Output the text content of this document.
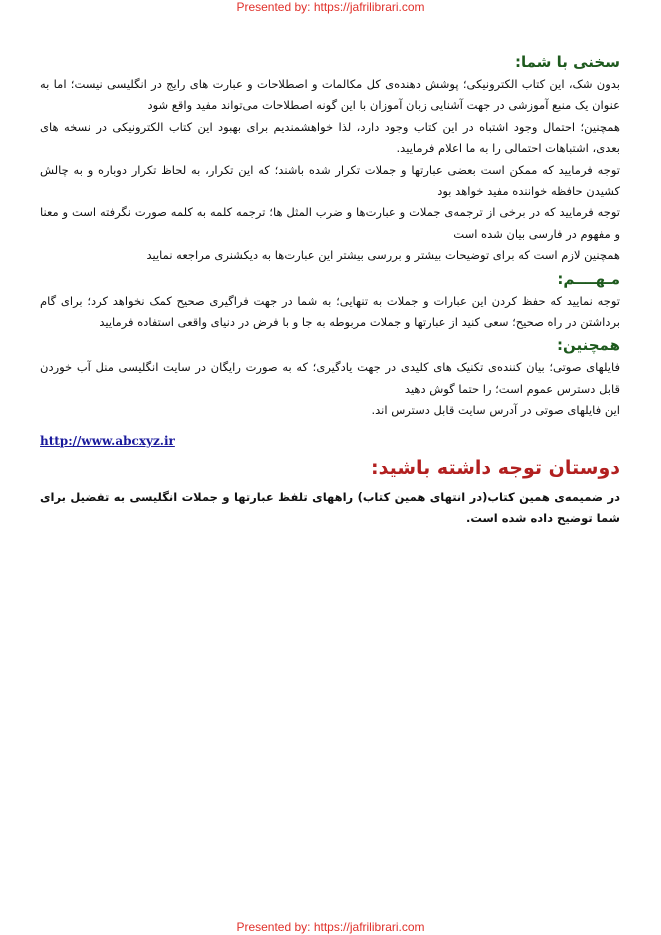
Presented by: https://jafrilibrari.com
سخنی با شما:

بدون شک، این کتاب الکترونیکی؛ پوشش دهنده‌ی کل مکالمات و اصطلاحات و عبارت های رایج در انگلیسی نیست؛ اما به عنوان یک منبع آموزشی در جهت آشنایی زبان آموزان با این گونه اصطلاحات می‌تواند مفید واقع شود

همچنین؛ احتمال وجود اشتباه در این کتاب وجود دارد، لذا خواهشمندیم برای بهبود این کتاب الکترونیکی در نسخه های بعدی، اشتباهات احتمالی را به ما اعلام فرمایید.

توجه فرمایید که ممکن است بعضی عبارتها و جملات تکرار شده باشند؛ که این تکرار، به لحاظ تکرار دوباره و به چالش کشیدن حافظه خواننده مفید خواهد بود

توجه فرمایید که در برخی از ترجمه‌ی جملات و عبارت‌ها و ضرب المثل ها؛ ترجمه کلمه به کلمه صورت نگرفته است و معنا و مفهوم در فارسی بیان شده است

همچنین لازم است که برای توضیحات بیشتر و بررسی بیشتر این عبارت‌ها به دیکشنری مراجعه نمایید

مـهــــم:

توجه نمایید که حفظ کردن این عبارات و جملات به تنهایی؛ به شما در جهت فراگیری صحیح کمک نخواهد کرد؛ برای گام برداشتن در راه صحیح؛ سعی کنید از عبارتها و جملات مربوطه به جا و با فرض در دنیای واقعی استفاده فرمایید

همچنین:

فایلهای صوتی؛ بیان کننده‌ی تکنیک های کلیدی در جهت یادگیری؛ که به صورت رایگان در سایت انگلیسی منل آب خوردن قابل دسترس عموم است؛ را حتما گوش دهید

این فایلهای صوتی در آدرس سایت قابل دسترس اند.

http://www.abcxyz.ir
دوستان توجه داشته باشید:

در ضمیمه‌ی همین کتاب(در انتهای همین کتاب) راههای تلفظ عبارتها و جملات انگلیسی به تفضیل برای شما توضیح داده شده است.

Presented by: https://jafrilibrari.com
